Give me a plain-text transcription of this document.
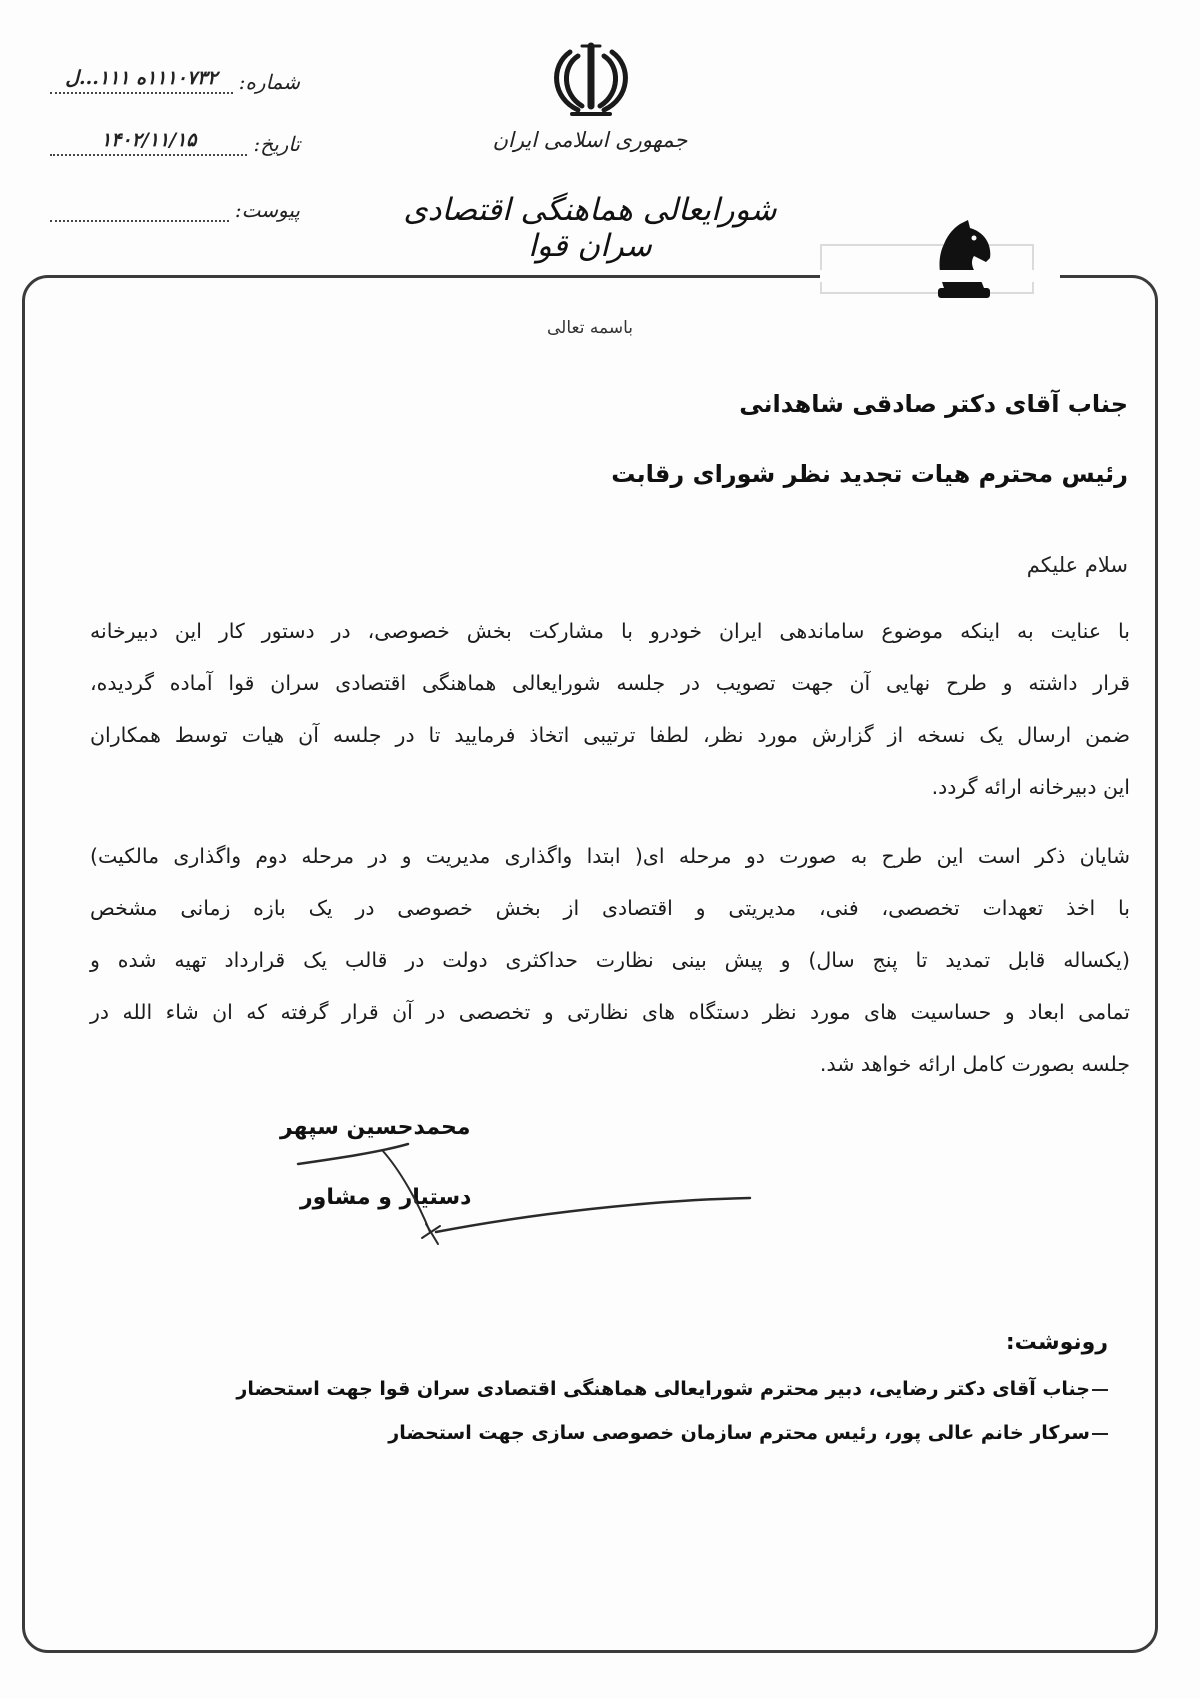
شماره:
۱۱۱۰۷۳۲ه ۱۱۱...ل
تاریخ:
۱۴۰۲/۱۱/۱۵
پیوست:
جمهوری اسلامی ایران
شورایعالی هماهنگی اقتصادی سران قوا
باسمه تعالی
جناب آقای دکتر صادقی شاهدانی
رئیس محترم هیات تجدید نظر شورای رقابت
سلام علیکم
با عنایت به اینکه موضوع ساماندهی ایران خودرو با مشارکت بخش خصوصی، در دستور کار این دبیرخانه
قرار داشته و طرح نهایی آن جهت تصویب در جلسه شورایعالی هماهنگی اقتصادی سران قوا آماده گردیده،
ضمن ارسال یک نسخه از گزارش مورد نظر، لطفا ترتیبی اتخاذ فرمایید تا در جلسه آن هیات توسط همکاران
این دبیرخانه ارائه گردد.
شایان ذکر است این طرح به صورت دو مرحله ای( ابتدا واگذاری مدیریت و در مرحله دوم واگذاری مالکیت)
با اخذ تعهدات تخصصی، فنی، مدیریتی و اقتصادی از بخش خصوصی در یک بازه زمانی مشخص
(یکساله قابل تمدید تا پنج سال) و پیش بینی نظارت حداکثری دولت در قالب یک قرارداد تهیه شده و
تمامی ابعاد و حساسیت های مورد نظر دستگاه های نظارتی و تخصصی در آن قرار گرفته که ان شاء الله در
جلسه بصورت کامل ارائه خواهد شد.
محمدحسین سپهر
دستیار و مشاور
رونوشت:
جناب آقای دکتر رضایی، دبیر محترم شورایعالی هماهنگی اقتصادی سران قوا جهت استحضار
سرکار خانم عالی پور، رئیس محترم سازمان خصوصی سازی جهت استحضار
